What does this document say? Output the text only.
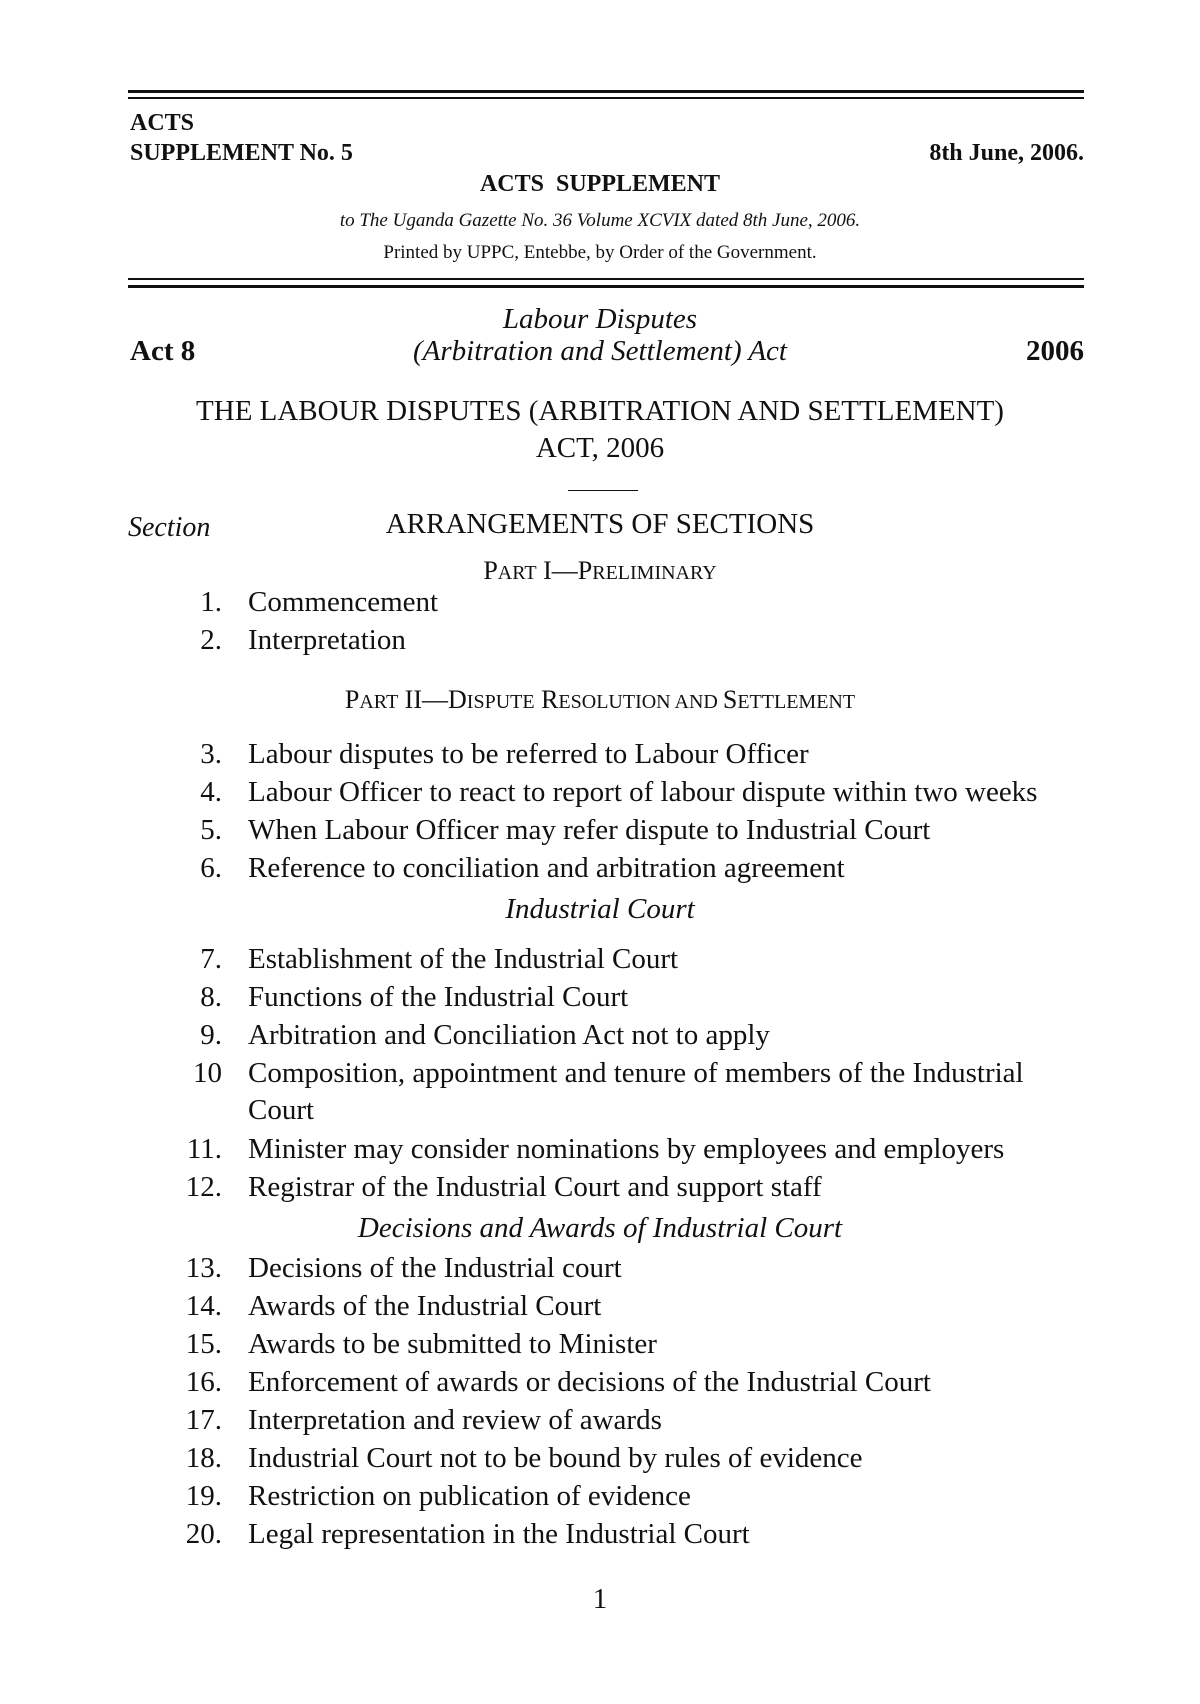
ACTS
SUPPLEMENT No. 5	8th June, 2006.
ACTS SUPPLEMENT
to The Uganda Gazette No. 36 Volume XCVIX dated 8th June, 2006.
Printed by UPPC, Entebbe, by Order of the Government.
Act 8
Labour Disputes
(Arbitration and Settlement) Act	2006
THE LABOUR DISPUTES (ARBITRATION AND SETTLEMENT)
ACT, 2006
Section	ARRANGEMENTS OF SECTIONS
PART I—PRELIMINARY
1. Commencement
2. Interpretation
PART II—DISPUTE RESOLUTION AND SETTLEMENT
3. Labour disputes to be referred to Labour Officer
4. Labour Officer to react to report of labour dispute within two weeks
5. When Labour Officer may refer dispute to Industrial Court
6. Reference to conciliation and arbitration agreement
Industrial Court
7. Establishment of the Industrial Court
8. Functions of the Industrial Court
9. Arbitration and Conciliation Act not to apply
10 Composition, appointment and tenure of members of the Industrial
Court
11. Minister may consider nominations by employees and employers
12. Registrar of the Industrial Court and support staff
Decisions and Awards of Industrial Court
13. Decisions of the Industrial court
14. Awards of the Industrial Court
15. Awards to be submitted to Minister
16. Enforcement of awards or decisions of the Industrial Court
17. Interpretation and review of awards
18. Industrial Court not to be bound by rules of evidence
19. Restriction on publication of evidence
20. Legal representation in the Industrial Court
1
